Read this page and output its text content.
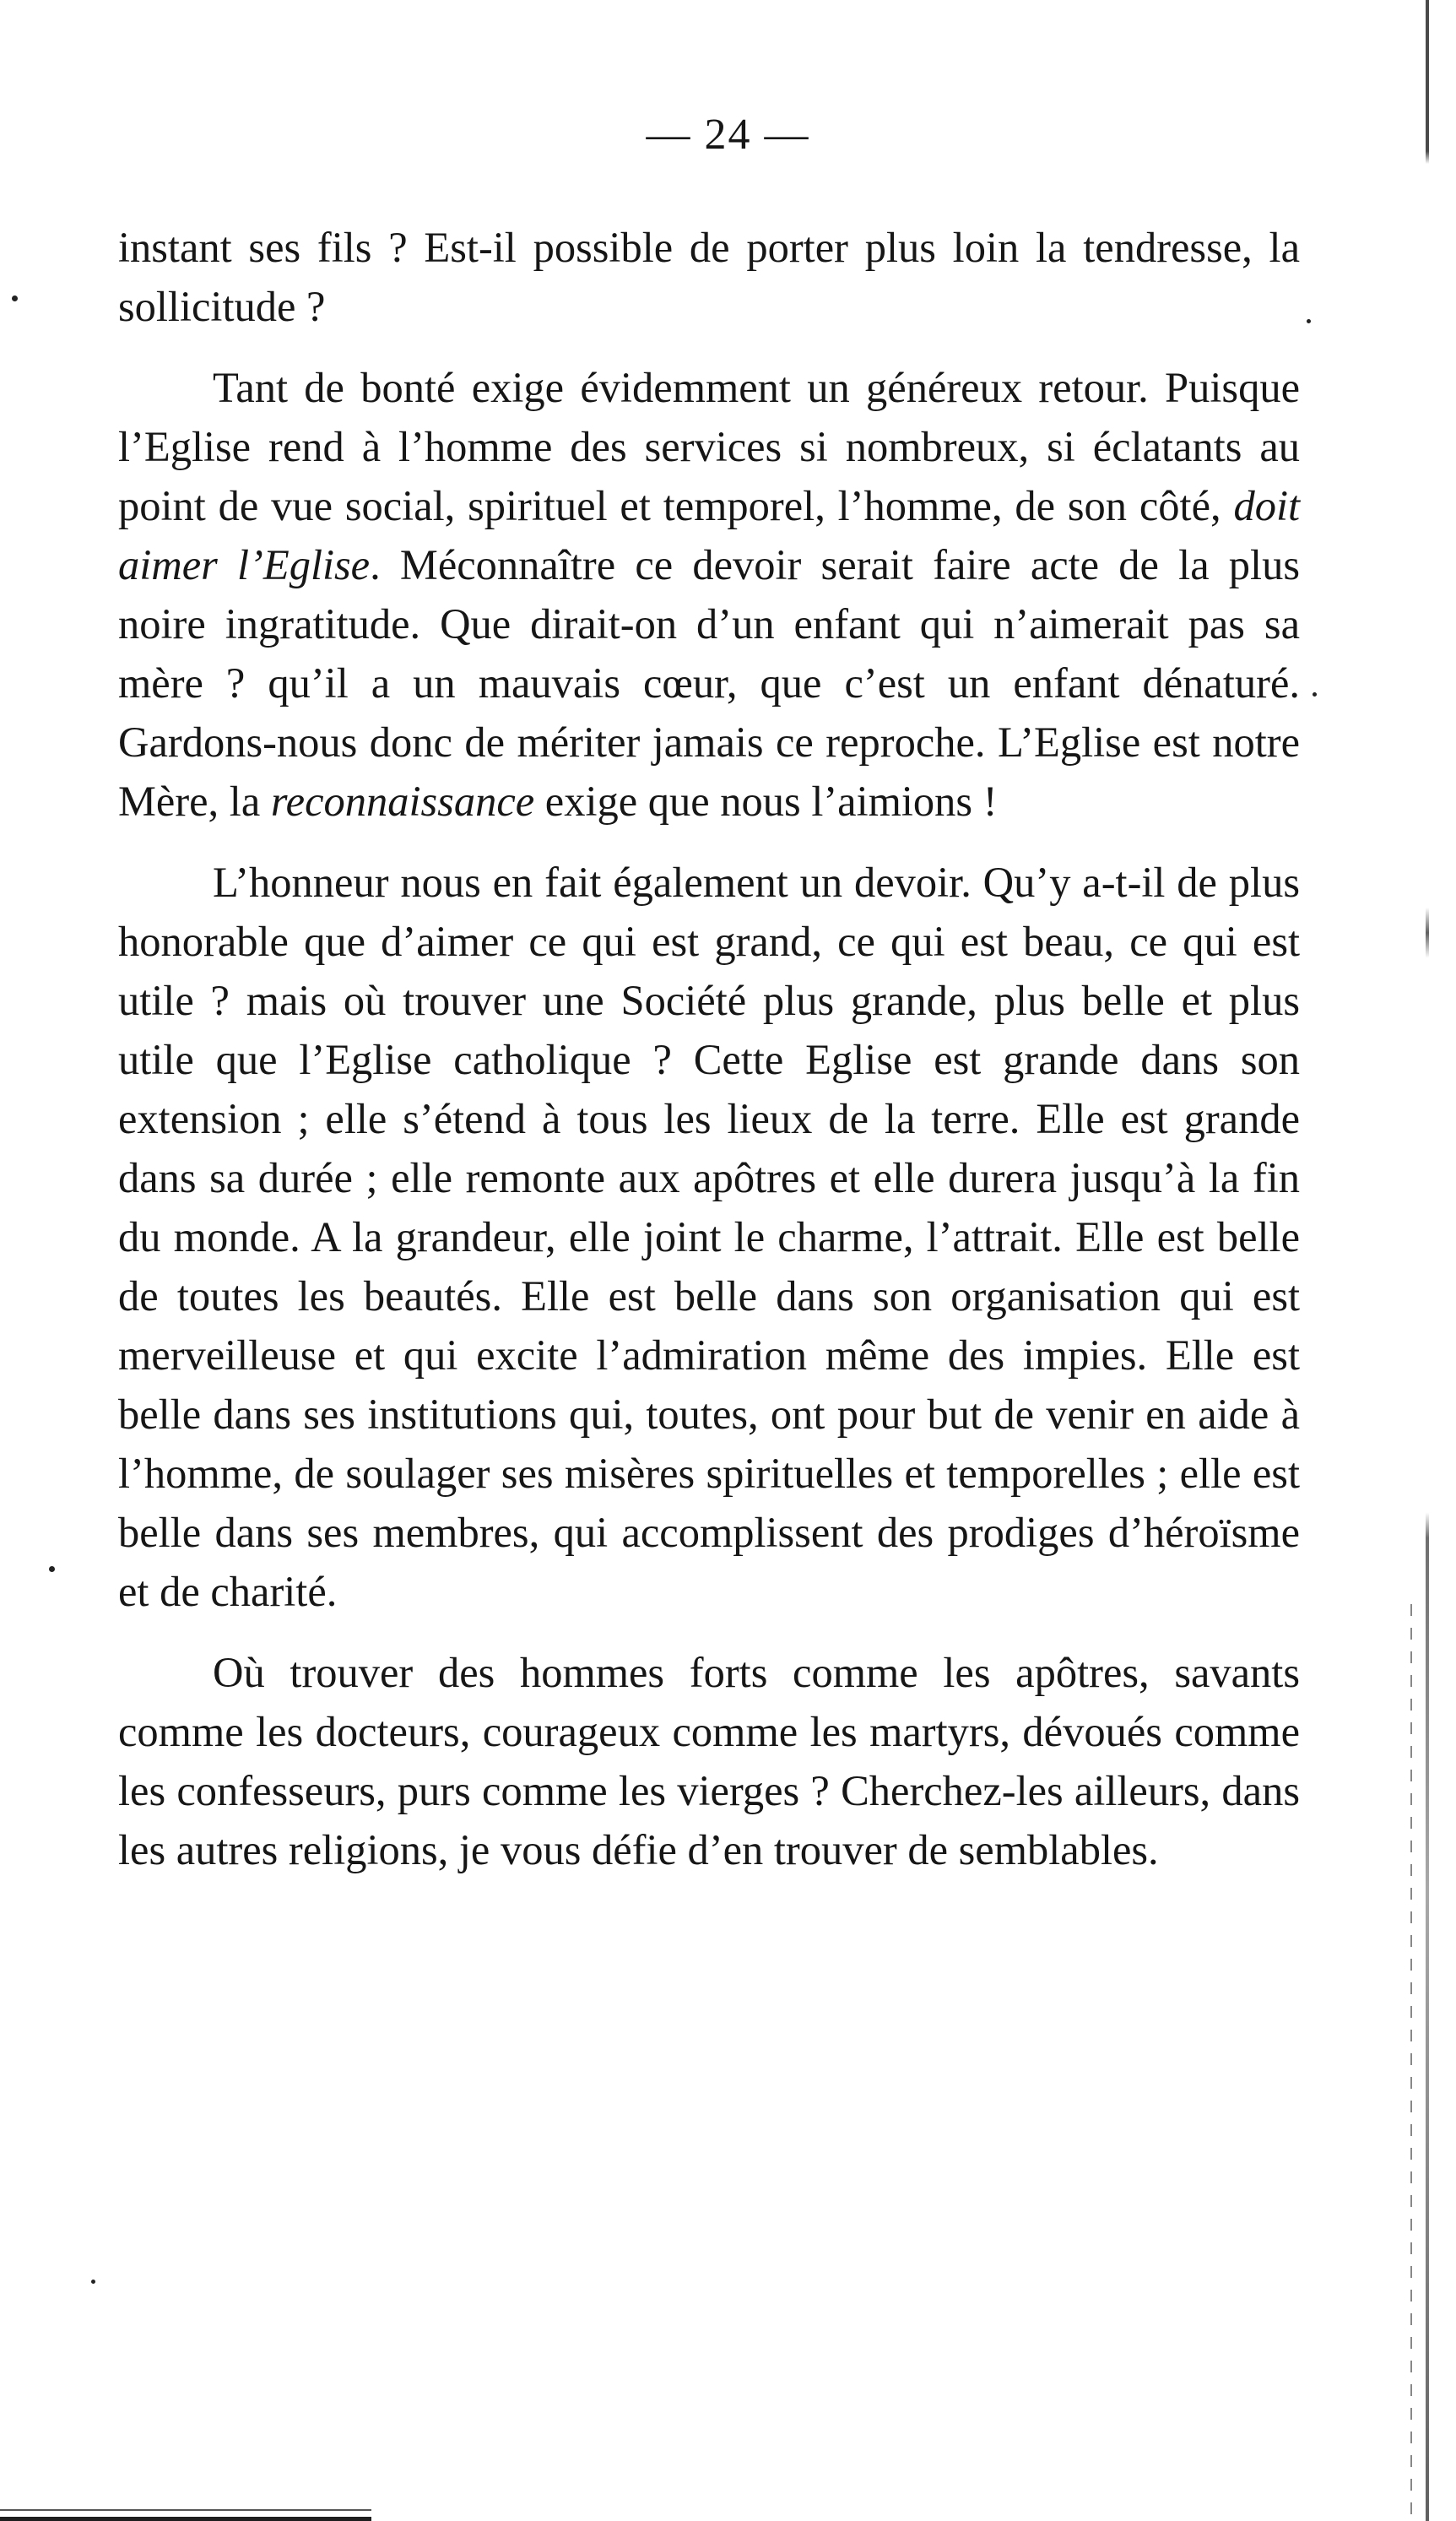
— 24 —

instant ses fils ? Est-il possible de porter plus loin la tendresse, la sollicitude ?

Tant de bonté exige évidemment un généreux retour. Puisque l’Eglise rend à l’homme des services si nombreux, si éclatants au point de vue social, spirituel et temporel, l’homme, de son côté, doit aimer l’Eglise. Méconnaître ce devoir serait faire acte de la plus noire ingratitude. Que dirait-on d’un enfant qui n’aimerait pas sa mère ? qu’il a un mauvais cœur, que c’est un enfant dénaturé. Gardons-nous donc de mériter jamais ce reproche. L’Eglise est notre Mère, la reconnaissance exige que nous l’aimions !

L’honneur nous en fait également un devoir. Qu’y a-t-il de plus honorable que d’aimer ce qui est grand, ce qui est beau, ce qui est utile ? mais où trouver une Société plus grande, plus belle et plus utile que l’Eglise catholique ? Cette Eglise est grande dans son extension ; elle s’étend à tous les lieux de la terre. Elle est grande dans sa durée ; elle remonte aux apôtres et elle durera jusqu’à la fin du monde. A la grandeur, elle joint le charme, l’attrait. Elle est belle de toutes les beautés. Elle est belle dans son organisation qui est merveilleuse et qui excite l’admiration même des impies. Elle est belle dans ses institutions qui, toutes, ont pour but de venir en aide à l’homme, de soulager ses misères spirituelles et temporelles ; elle est belle dans ses membres, qui accomplissent des prodiges d’héroïsme et de charité.

Où trouver des hommes forts comme les apôtres, savants comme les docteurs, courageux comme les martyrs, dévoués comme les confesseurs, purs comme les vierges ? Cherchez-les ailleurs, dans les autres religions, je vous défie d’en trouver de semblables.
